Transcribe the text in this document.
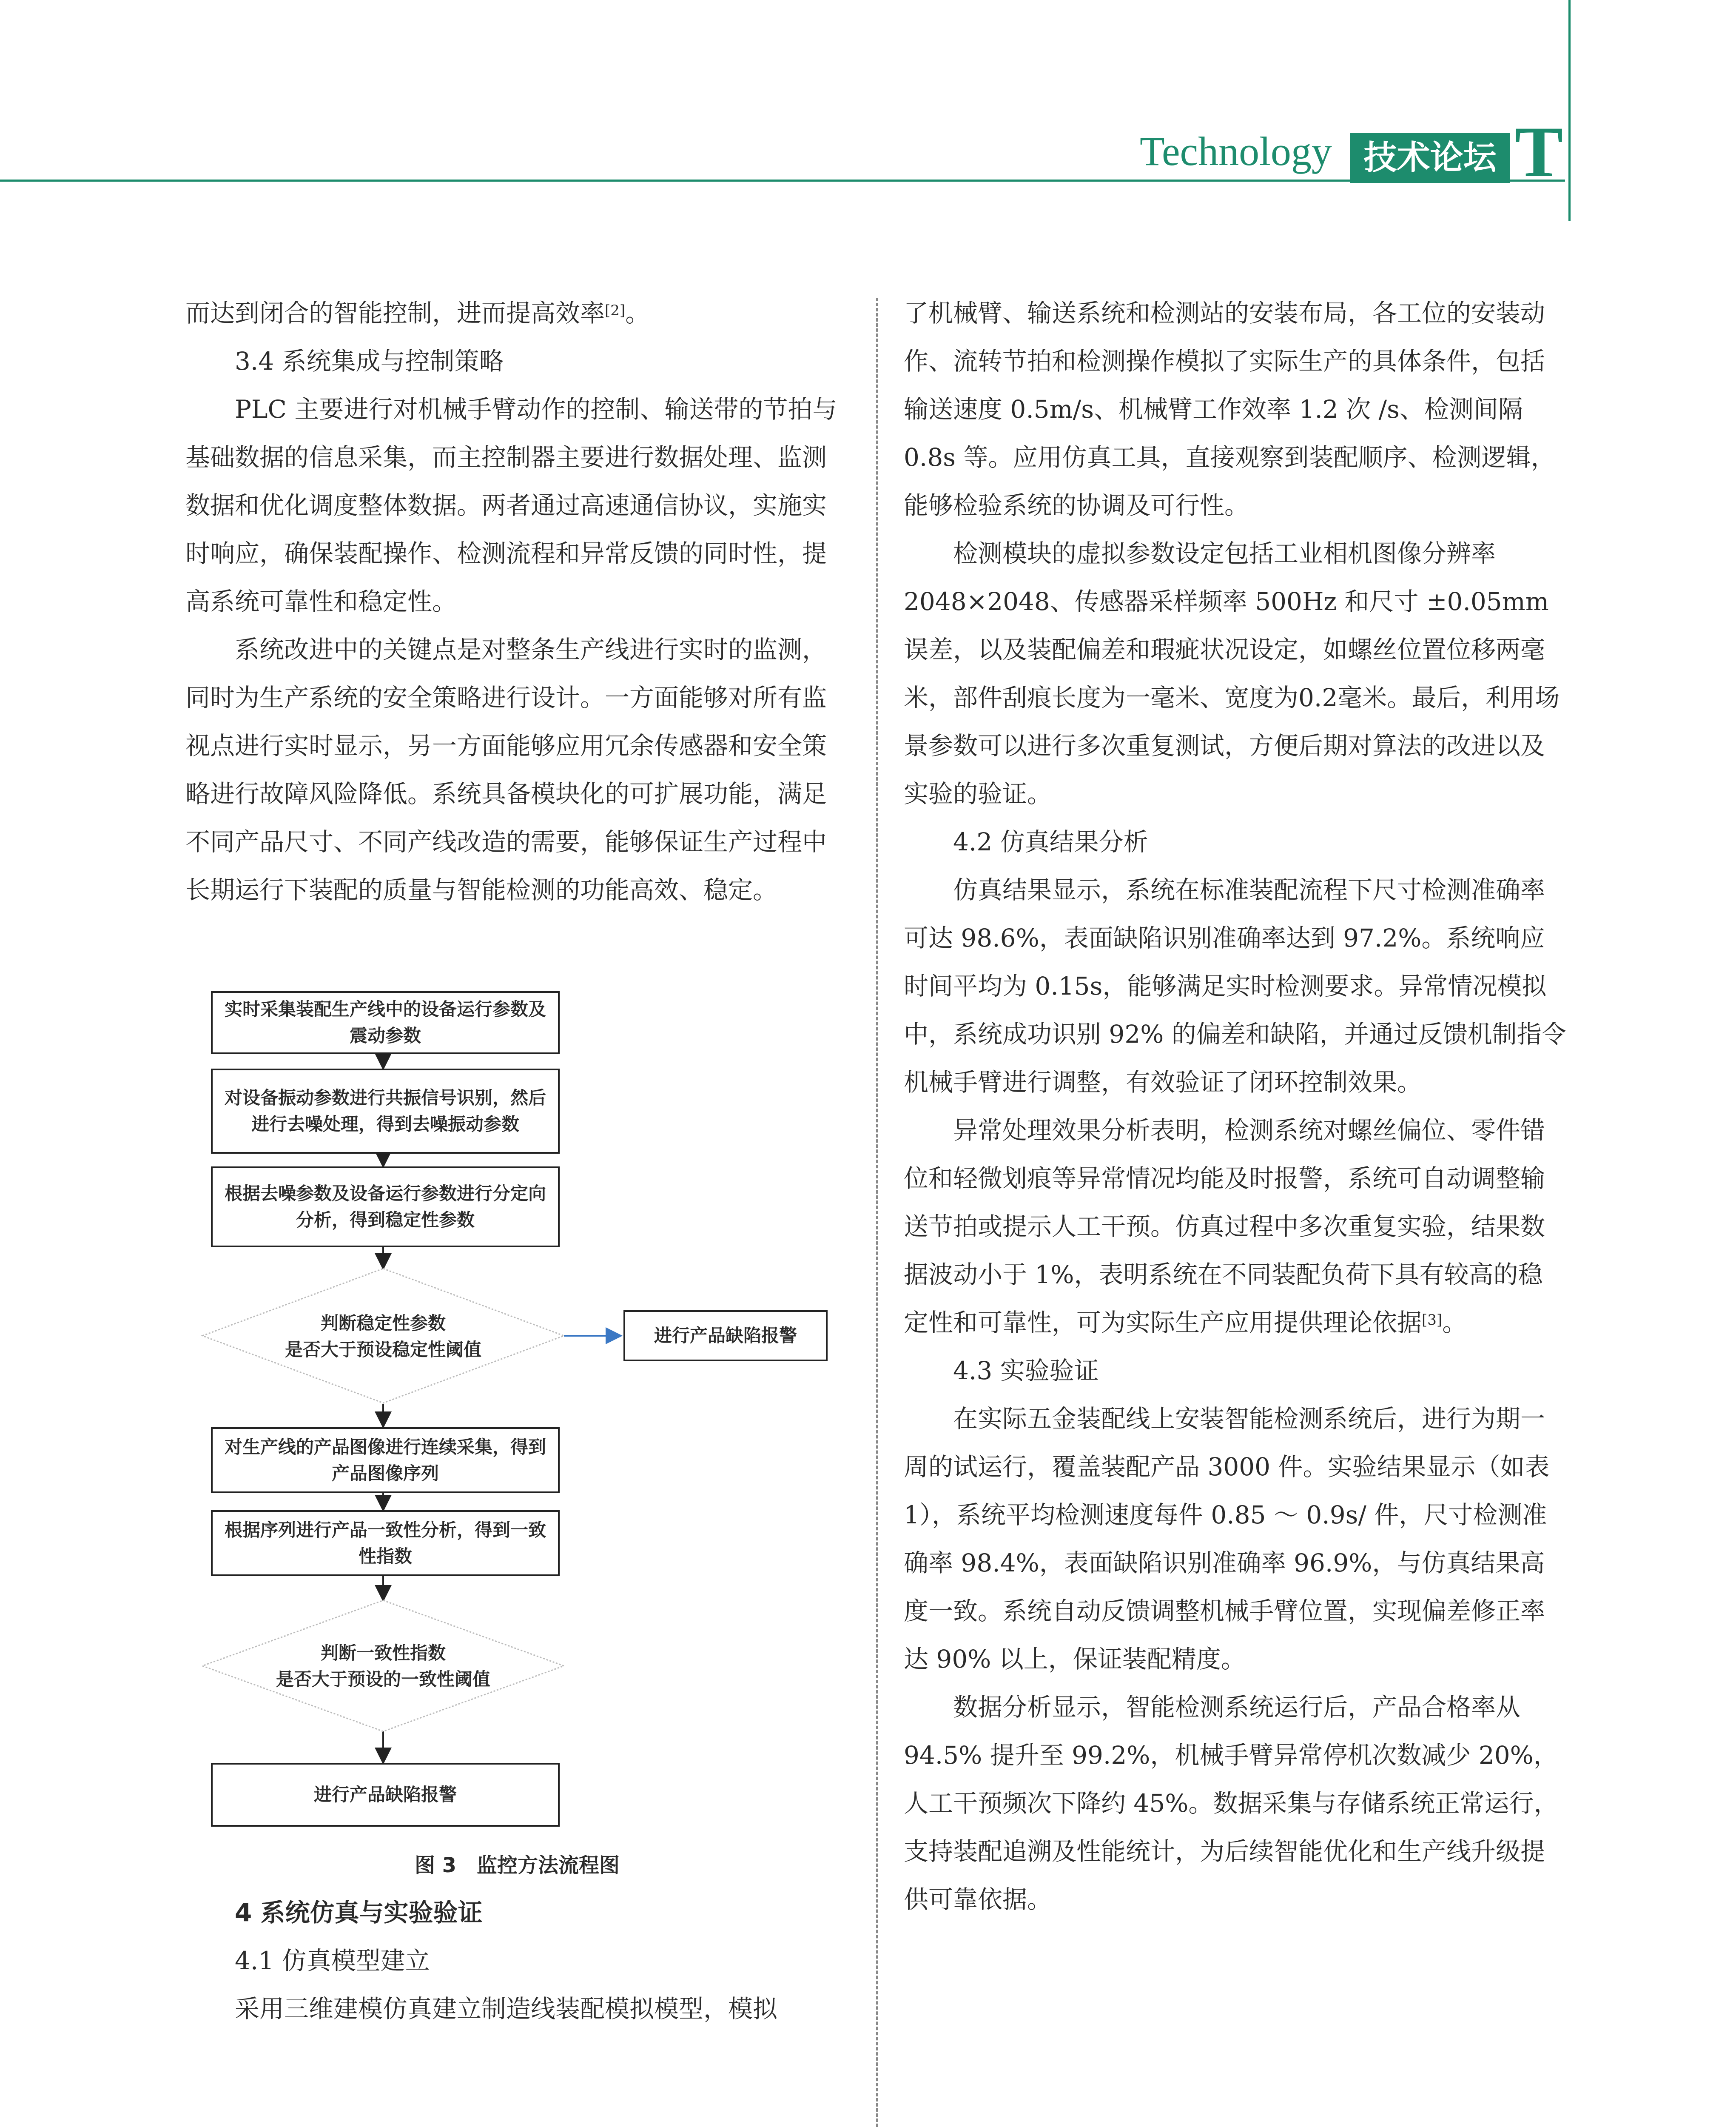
Technology 技术论坛 T

而达到闭合的智能控制，进而提高效率[2]。

3.4 系统集成与控制策略

PLC 主要进行对机械手臂动作的控制、输送带的节拍与基础数据的信息采集，而主控制器主要进行数据处理、监测数据和优化调度整体数据。两者通过高速通信协议，实施实时响应，确保装配操作、检测流程和异常反馈的同时性，提高系统可靠性和稳定性。

系统改进中的关键点是对整条生产线进行实时的监测，同时为生产系统的安全策略进行设计。一方面能够对所有监视点进行实时显示，另一方面能够应用冗余传感器和安全策略进行故障风险降低。系统具备模块化的可扩展功能，满足不同产品尺寸、不同产线改造的需要，能够保证生产过程中长期运行下装配的质量与智能检测的功能高效、稳定。

实时采集装配生产线中的设备运行参数及震动参数
对设备振动参数进行共振信号识别，然后进行去噪处理，得到去噪振动参数
根据去噪参数及设备运行参数进行分定向分析，得到稳定性参数
判断稳定性参数
是否大于预设稳定性阈值
进行产品缺陷报警
对生产线的产品图像进行连续采集，得到产品图像序列
根据序列进行产品一致性分析，得到一致性指数
判断一致性指数
是否大于预设的一致性阈值
进行产品缺陷报警
图 3　监控方法流程图

4 系统仿真与实验验证

4.1 仿真模型建立

采用三维建模仿真建立制造线装配模拟模型，模拟

了机械臂、输送系统和检测站的安装布局，各工位的安装动作、流转节拍和检测操作模拟了实际生产的具体条件，包括输送速度 0.5m/s、机械臂工作效率 1.2 次 /s、检测间隔 0.8s 等。应用仿真工具，直接观察到装配顺序、检测逻辑，能够检验系统的协调及可行性。

检测模块的虚拟参数设定包括工业相机图像分辨率 2048×2048、传感器采样频率 500Hz 和尺寸 ±0.05mm 误差，以及装配偏差和瑕疵状况设定，如螺丝位置位移两毫米，部件刮痕长度为一毫米、宽度为0.2毫米。最后，利用场景参数可以进行多次重复测试，方便后期对算法的改进以及实验的验证。

4.2 仿真结果分析

仿真结果显示，系统在标准装配流程下尺寸检测准确率可达 98.6%，表面缺陷识别准确率达到 97.2%。系统响应时间平均为 0.15s，能够满足实时检测要求。异常情况模拟中，系统成功识别 92% 的偏差和缺陷，并通过反馈机制指令机械手臂进行调整，有效验证了闭环控制效果。

异常处理效果分析表明，检测系统对螺丝偏位、零件错位和轻微划痕等异常情况均能及时报警，系统可自动调整输送节拍或提示人工干预。仿真过程中多次重复实验，结果数据波动小于 1%，表明系统在不同装配负荷下具有较高的稳定性和可靠性，可为实际生产应用提供理论依据[3]。

4.3 实验验证

在实际五金装配线上安装智能检测系统后，进行为期一周的试运行，覆盖装配产品 3000 件。实验结果显示（如表 1），系统平均检测速度每件 0.85 ～ 0.9s/ 件，尺寸检测准确率 98.4%，表面缺陷识别准确率 96.9%，与仿真结果高度一致。系统自动反馈调整机械手臂位置，实现偏差修正率达 90% 以上，保证装配精度。

数据分析显示，智能检测系统运行后，产品合格率从 94.5% 提升至 99.2%，机械手臂异常停机次数减少 20%，人工干预频次下降约 45%。数据采集与存储系统正常运行，支持装配追溯及性能统计，为后续智能优化和生产线升级提供可靠依据。
